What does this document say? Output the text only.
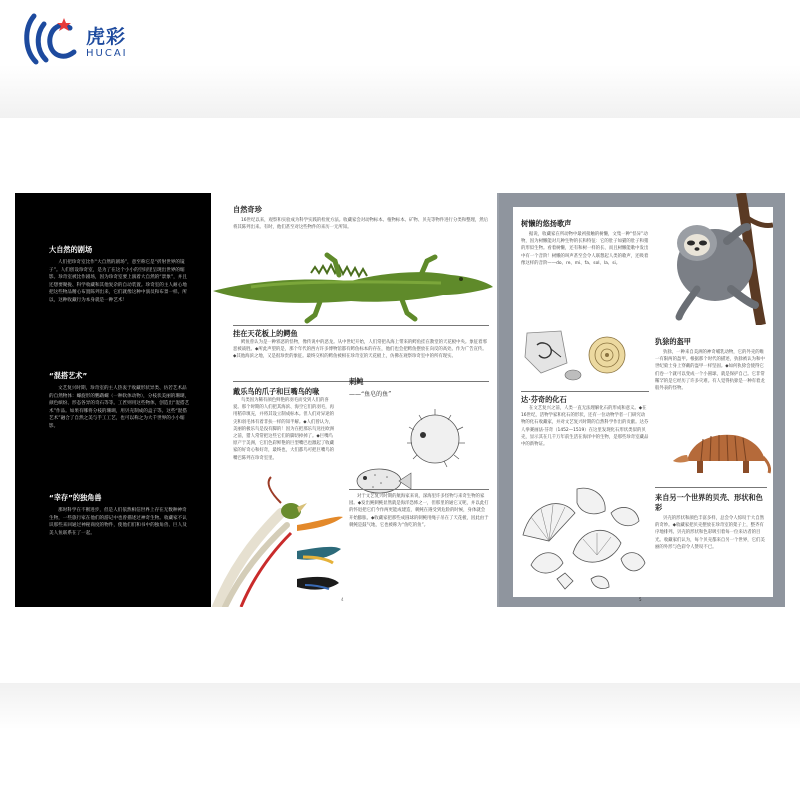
虎彩
HUCAI
大自然的剧场

人们把珍奇室比作“大自然的剧场”，意至称它是“折射世界的镜子”。人们创设珍奇室，是为了在这个小小的空间里呈现出世界的缩影。珍奇室被比作剧场，因为珍奇室要上演着大自然的“景象”，并且还想要聚拢、科学收藏和其他复杂的自动装置。珍奇室的主人耐心地把这些物品精心布置陈列出来，它们就像这种中演员和布景一样。所以，这种收藏行为本身就是一种艺术！

“混搭艺术”

文艺复兴时期，珍奇室的主人热衷于收藏形状异类、仿若艺术品的自然物体：螺旋形的鹦鹉螺（一种软体动物），分枝状美丽的珊瑚，颜色缤纷、形态各异的奇石等等。工匠则用这些物体，创造出“混搭艺术”作品。如果有哪将分枝的珊瑚，用贝壳制成的盒子等。这些“混搭艺术”融合了自然之美与手工工艺，也可以称之为大千世界的小小缩影。

“幸存”的独角兽

那时科学在不断进步，但是人们依然相信世界上存在无数种神奇生物，一些旅行家在他们的游记中也曾描述过神奇生物。收藏家不认识那些来回通过神秘商度的物件，使他们们和书中的独角兽、巨人及美人鱼联系在了一起。

自然奇珍
16世纪以来，观察和实验成为科学实践的检度方法。收藏家会对动物标本、植物标本、矿物、贝壳等物件进行分类和整理，然后将其陈列出来。有时，他们甚至对这些物件的来历一无所知。
挂在天花板上的鳄鱼
鳄鱼曾认为是一种邪恶的怪物，像传说中的恶龙。从中世纪开始，人们常把从海上带来的鳄鱼挂在教堂的天花板中央。象征着邪恶被战胜。◆所此声望的是，那个年代的西方许多博物馆都有鳄鱼标本的存在，他们也会把鳄鱼摆放在向反的高处。作为广告宣传。◆其他海滨之地，又是很珍贵的象征。最终交织的鳄鱼被相在珍奇室的天花板上，仿佛在观察珍奇室中的所有现实。
戴乐鸟的爪子和巨嘴鸟的喙
鸟类因为稀有颜色鲜艳的羽毛而受到人们的喜爱。那个时期的人们把其海滨、海空它们的羽毛，再用稻草填充，并将其设立制成标本。但人们对异途的尖和羽毛体有着非扶一样的知半解。◆人们曾认为，美丽的极乐鸟是没有脚的！因为在把那乐鸟送往欧洲之前，猎人常常把这些它们的脚切掉掉了。◆巨嘴鸟原产于美洲，它们色彩鲜艳的巨型嘴巴也激起了收藏家的好奇心和好奇，最终也，大们都鸟可把巨嘴鸟的嘴巴陈列在珍奇室里。
刺鲀
——“鱼皂的鱼”
对于文艺复兴时期的航海家来说，深海里许多怪物与来奇生物的家园。◆发出鲀刺鲀显然就是海洋恐怖之一，但那里的通它又呢，并以此打的怀退把它们今作两更能成建造，刺鲀在遇受到危险的时候，身体就会开始膨胀。◆收藏家把那些成圆球的刺鲀用绳子吊在了天花板，因此由于刺鲀是鼓气地，它也被称为“鱼吃的鱼”。
4
树懒的悠扬歌声
据说，收藏家在所动物中最初接触的树懒，文集一种“怪异”动物，因为树懒能对几种生物的长和特征：它的肚子如猫的肚子和猪的形似生物。看着树懒，还有和树一样的长、而且树懒能歌中发出中有一个音阶！树懒的叫声甚至会令人联想起人类的歌声，还吸着像这样的音阶——do、re、mi、fa、sol、la、si。
达·芬奇的化石
在文艺复兴之前，人类一直无法理解化石的形成和意义。◆在16世纪，活物学家和化石的形状，还有一位动物学者一门研究动物的化石收藏家，并对文艺复兴时期的自然科学作出的贡献。达芬人拳赛画法·芬奇（1452—1519）在这里发现化石形状类似的贝壳，显示其在几千万年前生活在海洋中的生物，是那些珍奇室藏品中的新物证。
犰狳的盔甲
犰狳，一种来自美洲的神奇哺乳动物，它的外壳的唯一有限两的盔甲。根据那个时代的描述，犰狳被认为和中世纪骑士身上穿戴的盔甲一样坚固。◆如何犰狳会使得它们卷一个就可以变成一个小圆球，就是保护自己。它非常稀罕的是它经历了许多灾难。有人觉得犰狳是一种有着龙般外表的怪物。
来自另一个世界的贝壳、形状和色彩
贝壳的形状和颜色丰富多样，总会令人惊叹于大自然的奇妙。◆收藏家把贝壳摆放在珍奇室的架子上，整齐有序地排列。贝壳的形状和色彩吸引着每一位来访者的目光。收藏家们认为，每个贝壳都来自另一个世界，它们美丽的外形与色彩令人赞叹不已。
5
